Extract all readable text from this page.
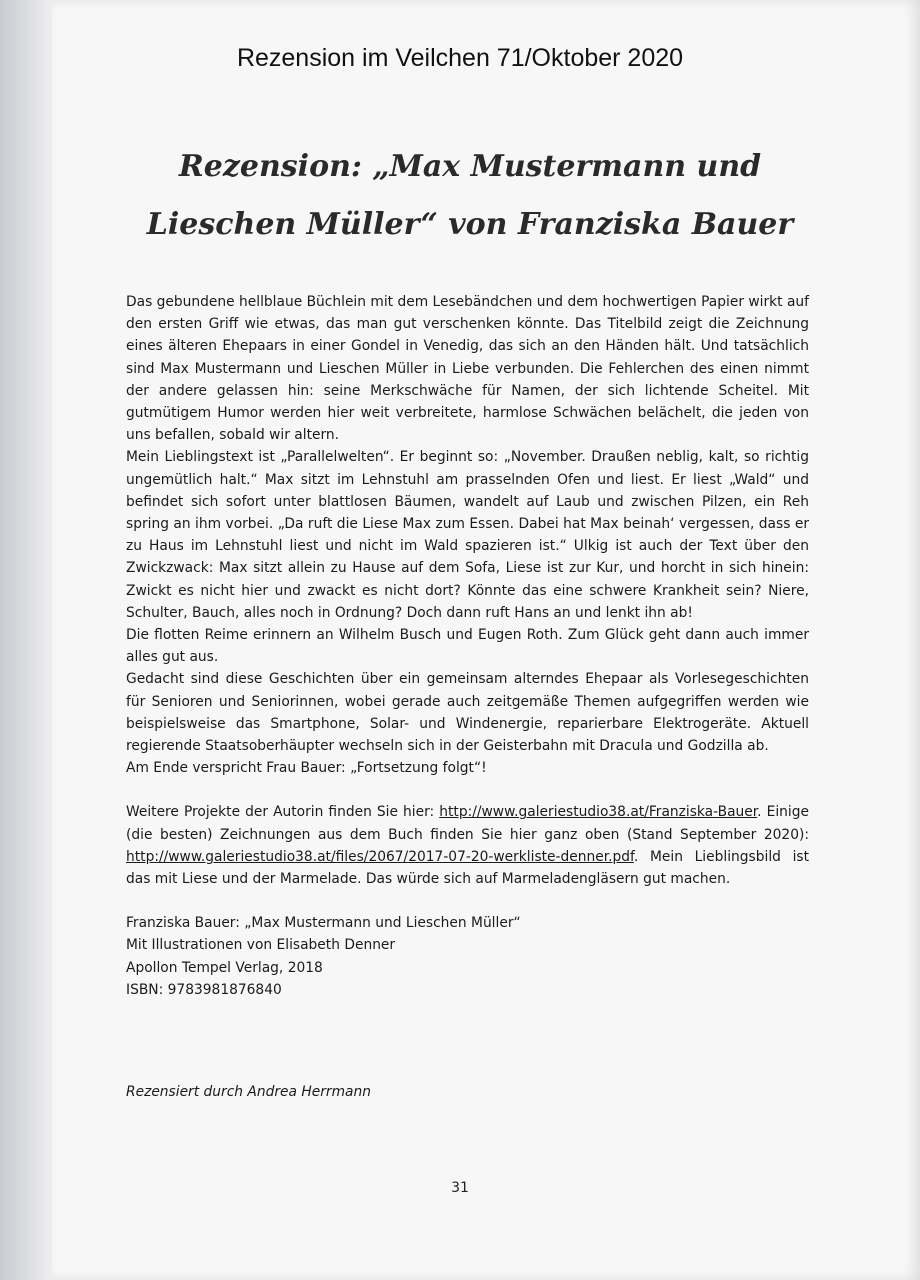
Rezension im Veilchen 71/Oktober 2020
Rezension: „Max Mustermann und
Lieschen Müller“ von Franziska Bauer

Das gebundene hellblaue Büchlein mit dem Lesebändchen und dem hochwertigen Papier wirkt auf den ersten Griff wie etwas, das man gut verschenken könnte. Das Titelbild zeigt die Zeichnung eines älteren Ehepaars in einer Gondel in Venedig, das sich an den Händen hält. Und tatsächlich sind Max Mustermann und Lieschen Müller in Liebe verbunden. Die Fehlerchen des einen nimmt der andere gelassen hin: seine Merkschwäche für Namen, der sich lichtende Scheitel. Mit gutmütigem Humor werden hier weit verbreitete, harmlose Schwächen belächelt, die jeden von uns befallen, sobald wir altern.

Mein Lieblingstext ist „Parallelwelten“. Er beginnt so: „November. Draußen neblig, kalt, so richtig ungemütlich halt.“ Max sitzt im Lehnstuhl am prasselnden Ofen und liest. Er liest „Wald“ und befindet sich sofort unter blattlosen Bäumen, wandelt auf Laub und zwischen Pilzen, ein Reh spring an ihm vorbei. „Da ruft die Liese Max zum Essen. Dabei hat Max beinah‘ vergessen, dass er zu Haus im Lehnstuhl liest und nicht im Wald spazieren ist.“ Ulkig ist auch der Text über den Zwickzwack: Max sitzt allein zu Hause auf dem Sofa, Liese ist zur Kur, und horcht in sich hinein: Zwickt es nicht hier und zwackt es nicht dort? Könnte das eine schwere Krankheit sein? Niere, Schulter, Bauch, alles noch in Ordnung? Doch dann ruft Hans an und lenkt ihn ab!

Die flotten Reime erinnern an Wilhelm Busch und Eugen Roth. Zum Glück geht dann auch immer alles gut aus.

Gedacht sind diese Geschichten über ein gemeinsam alterndes Ehepaar als Vorlesegeschichten für Senioren und Seniorinnen, wobei gerade auch zeitgemäße Themen aufgegriffen werden wie beispielsweise das Smartphone, Solar- und Windenergie, reparierbare Elektrogeräte. Aktuell regierende Staatsoberhäupter wechseln sich in der Geisterbahn mit Dracula und Godzilla ab.

Am Ende verspricht Frau Bauer: „Fortsetzung folgt“!

Weitere Projekte der Autorin finden Sie hier: http://www.galeriestudio38.at/Franziska-Bauer. Einige (die besten) Zeichnungen aus dem Buch finden Sie hier ganz oben (Stand September 2020): http://www.galeriestudio38.at/files/2067/2017-07-20-werkliste-denner.pdf. Mein Lieblingsbild ist das mit Liese und der Marmelade. Das würde sich auf Marmeladengläsern gut machen.

Franziska Bauer: „Max Mustermann und Lieschen Müller“

Mit Illustrationen von Elisabeth Denner

Apollon Tempel Verlag, 2018

ISBN: 9783981876840

Rezensiert durch Andrea Herrmann
31
